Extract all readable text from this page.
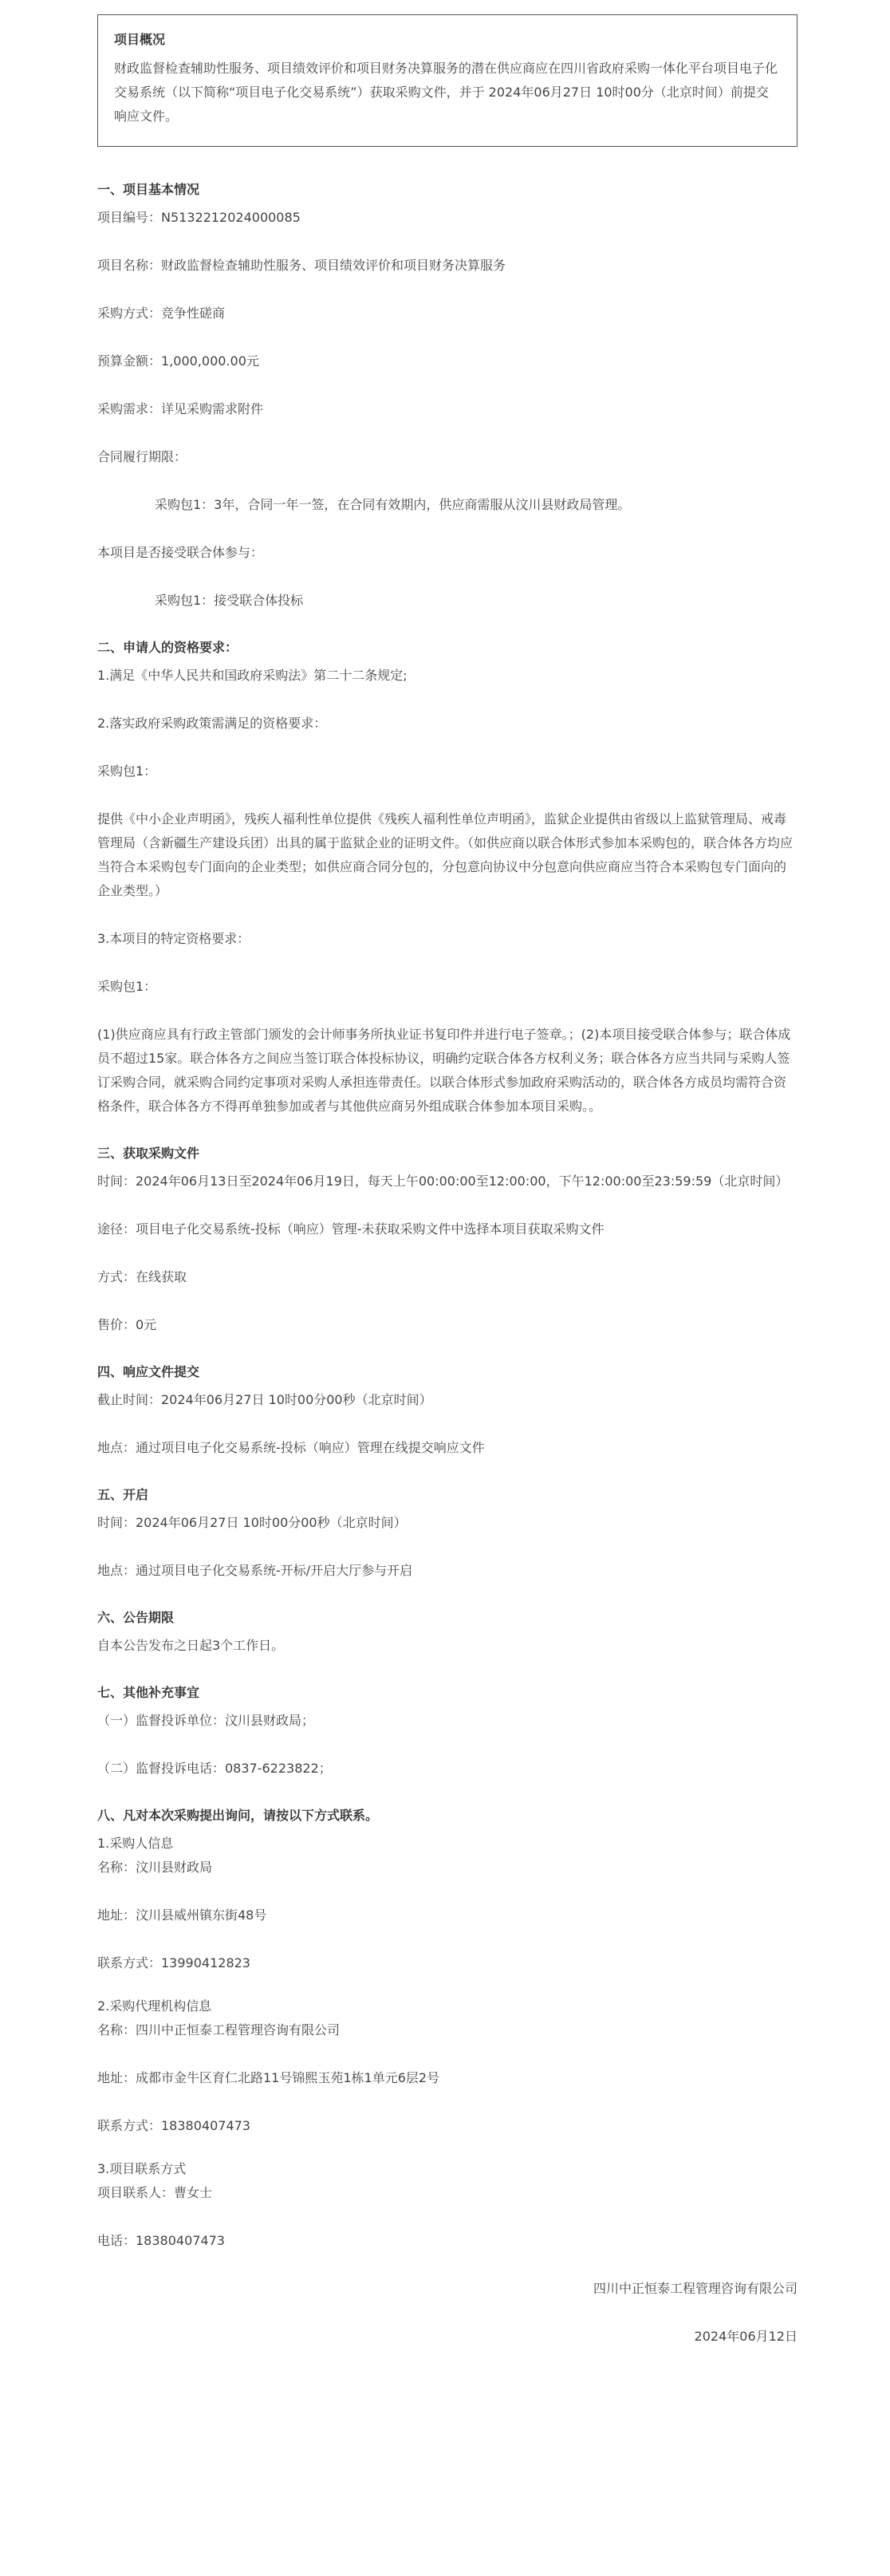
项目概况
财政监督检查辅助性服务、项目绩效评价和项目财务决算服务的潜在供应商应在四川省政府采购一体化平台项目电子化交易系统（以下简称“项目电子化交易系统”）获取采购文件，并于 2024年06月27日 10时00分（北京时间）前提交响应文件。

一、项目基本情况

项目编号：N5132212024000085

项目名称：财政监督检查辅助性服务、项目绩效评价和项目财务决算服务

采购方式：竞争性磋商

预算金额：1,000,000.00元

采购需求：详见采购需求附件

合同履行期限：

采购包1：3年，合同一年一签，在合同有效期内，供应商需服从汶川县财政局管理。

本项目是否接受联合体参与：

采购包1：接受联合体投标

二、申请人的资格要求：

1.满足《中华人民共和国政府采购法》第二十二条规定;

2.落实政府采购政策需满足的资格要求：

采购包1：

提供《中小企业声明函》，残疾人福利性单位提供《残疾人福利性单位声明函》，监狱企业提供由省级以上监狱管理局、戒毒管理局（含新疆生产建设兵团）出具的属于监狱企业的证明文件。（如供应商以联合体形式参加本采购包的，联合体各方均应当符合本采购包专门面向的企业类型；如供应商合同分包的，分包意向协议中分包意向供应商应当符合本采购包专门面向的企业类型。）

3.本项目的特定资格要求：

采购包1：

(1)供应商应具有行政主管部门颁发的会计师事务所执业证书复印件并进行电子签章。；(2)本项目接受联合体参与；联合体成员不超过15家。联合体各方之间应当签订联合体投标协议，明确约定联合体各方权利义务；联合体各方应当共同与采购人签订采购合同，就采购合同约定事项对采购人承担连带责任。以联合体形式参加政府采购活动的，联合体各方成员均需符合资格条件，联合体各方不得再单独参加或者与其他供应商另外组成联合体参加本项目采购。。

三、获取采购文件

时间：2024年06月13日至2024年06月19日，每天上午00:00:00至12:00:00，下午12:00:00至23:59:59（北京时间）

途径：项目电子化交易系统-投标（响应）管理-未获取采购文件中选择本项目获取采购文件

方式：在线获取

售价：0元

四、响应文件提交

截止时间：2024年06月27日 10时00分00秒（北京时间）

地点：通过项目电子化交易系统-投标（响应）管理在线提交响应文件

五、开启

时间：2024年06月27日 10时00分00秒（北京时间）

地点：通过项目电子化交易系统-开标/开启大厅参与开启

六、公告期限

自本公告发布之日起3个工作日。

七、其他补充事宜

（一）监督投诉单位：汶川县财政局；

（二）监督投诉电话：0837-6223822；

八、凡对本次采购提出询问，请按以下方式联系。

1.采购人信息

名称：汶川县财政局

地址：汶川县威州镇东街48号

联系方式：13990412823

2.采购代理机构信息

名称：四川中正恒泰工程管理咨询有限公司

地址：成都市金牛区育仁北路11号锦熙玉苑1栋1单元6层2号

联系方式：18380407473

3.项目联系方式

项目联系人：曹女士

电话：18380407473

四川中正恒泰工程管理咨询有限公司

2024年06月12日
